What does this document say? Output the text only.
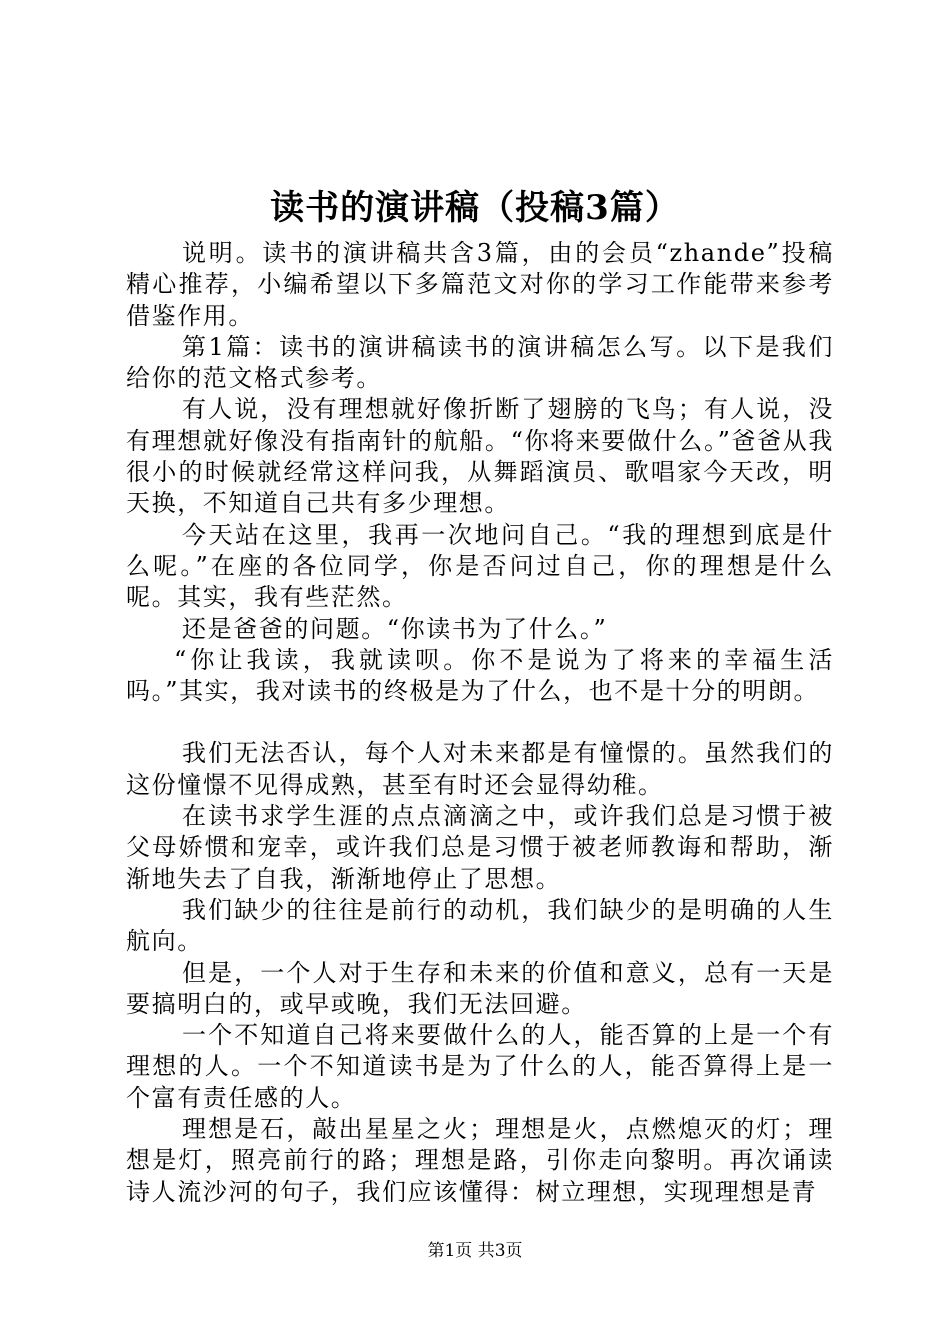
读书的演讲稿（投稿3篇）

说明。读书的演讲稿共含3篇，由的会员“zhande”投稿精心推荐，小编希望以下多篇范文对你的学习工作能带来参考借鉴作用。

第1篇：读书的演讲稿读书的演讲稿怎么写。以下是我们给你的范文格式参考。

有人说，没有理想就好像折断了翅膀的飞鸟；有人说，没有理想就好像没有指南针的航船。“你将来要做什么。”爸爸从我很小的时候就经常这样问我，从舞蹈演员、歌唱家今天改，明天换，不知道自己共有多少理想。

今天站在这里，我再一次地问自己。“我的理想到底是什么呢。”在座的各位同学，你是否问过自己，你的理想是什么呢。其实，我有些茫然。

还是爸爸的问题。“你读书为了什么。”

“你让我读，我就读呗。你不是说为了将来的幸福生活吗。”其实，我对读书的终极是为了什么，也不是十分的明朗。

我们无法否认，每个人对未来都是有憧憬的。虽然我们的这份憧憬不见得成熟，甚至有时还会显得幼稚。

在读书求学生涯的点点滴滴之中，或许我们总是习惯于被父母娇惯和宠幸，或许我们总是习惯于被老师教诲和帮助，渐渐地失去了自我，渐渐地停止了思想。

我们缺少的往往是前行的动机，我们缺少的是明确的人生航向。

但是，一个人对于生存和未来的价值和意义，总有一天是要搞明白的，或早或晚，我们无法回避。

一个不知道自己将来要做什么的人，能否算的上是一个有理想的人。一个不知道读书是为了什么的人，能否算得上是一个富有责任感的人。

理想是石，敲出星星之火；理想是火，点燃熄灭的灯；理想是灯，照亮前行的路；理想是路，引你走向黎明。再次诵读诗人流沙河的句子，我们应该懂得：树立理想，实现理想是青

第1页 共3页
